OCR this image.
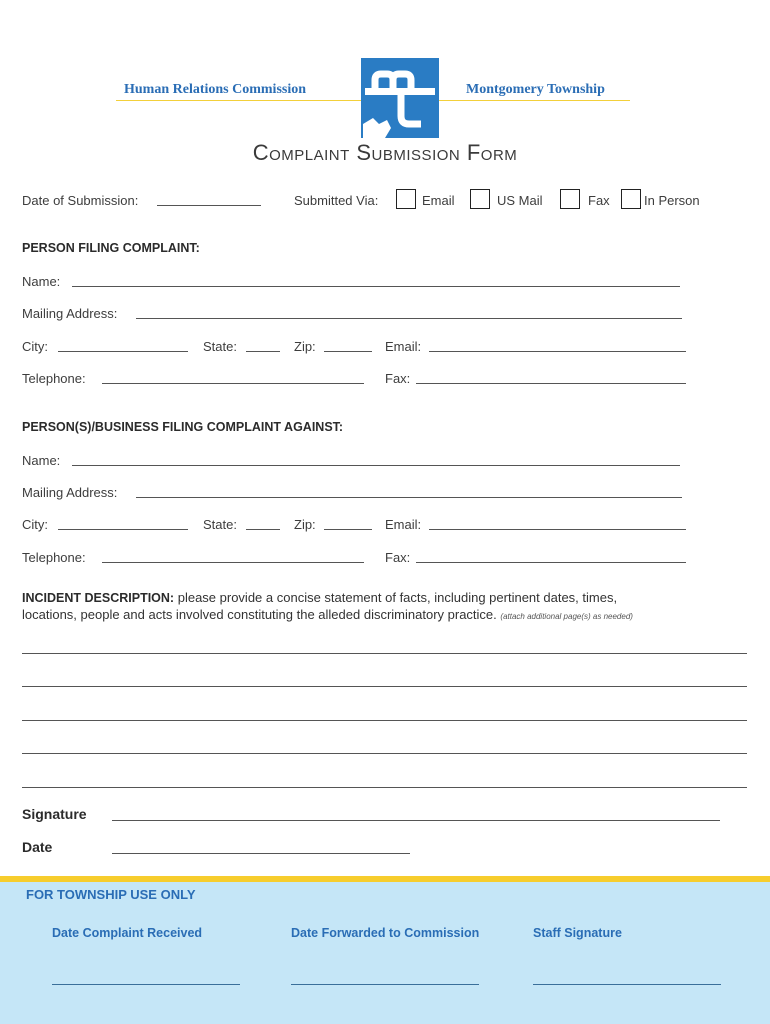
Human Relations Commission	Montgomery Township
Complaint Submission Form
Date of Submission:	Submitted Via:	Email	US Mail	Fax	In Person
PERSON FILING COMPLAINT:
Name:
Mailing Address:
City:	State:	Zip:	Email:
Telephone:	Fax:
PERSON(S)/BUSINESS FILING COMPLAINT AGAINST:
Name:
Mailing Address:
City:	State:	Zip:	Email:
Telephone:	Fax:
INCIDENT DESCRIPTION: please provide a concise statement of facts, including pertinent dates, times,
locations, people and acts involved constituting the alleded discriminatory practice. (attach additional page(s) as needed)
Signature
Date
FOR TOWNSHIP USE ONLY
Date Complaint Received	Date Forwarded to Commission	Staff Signature
